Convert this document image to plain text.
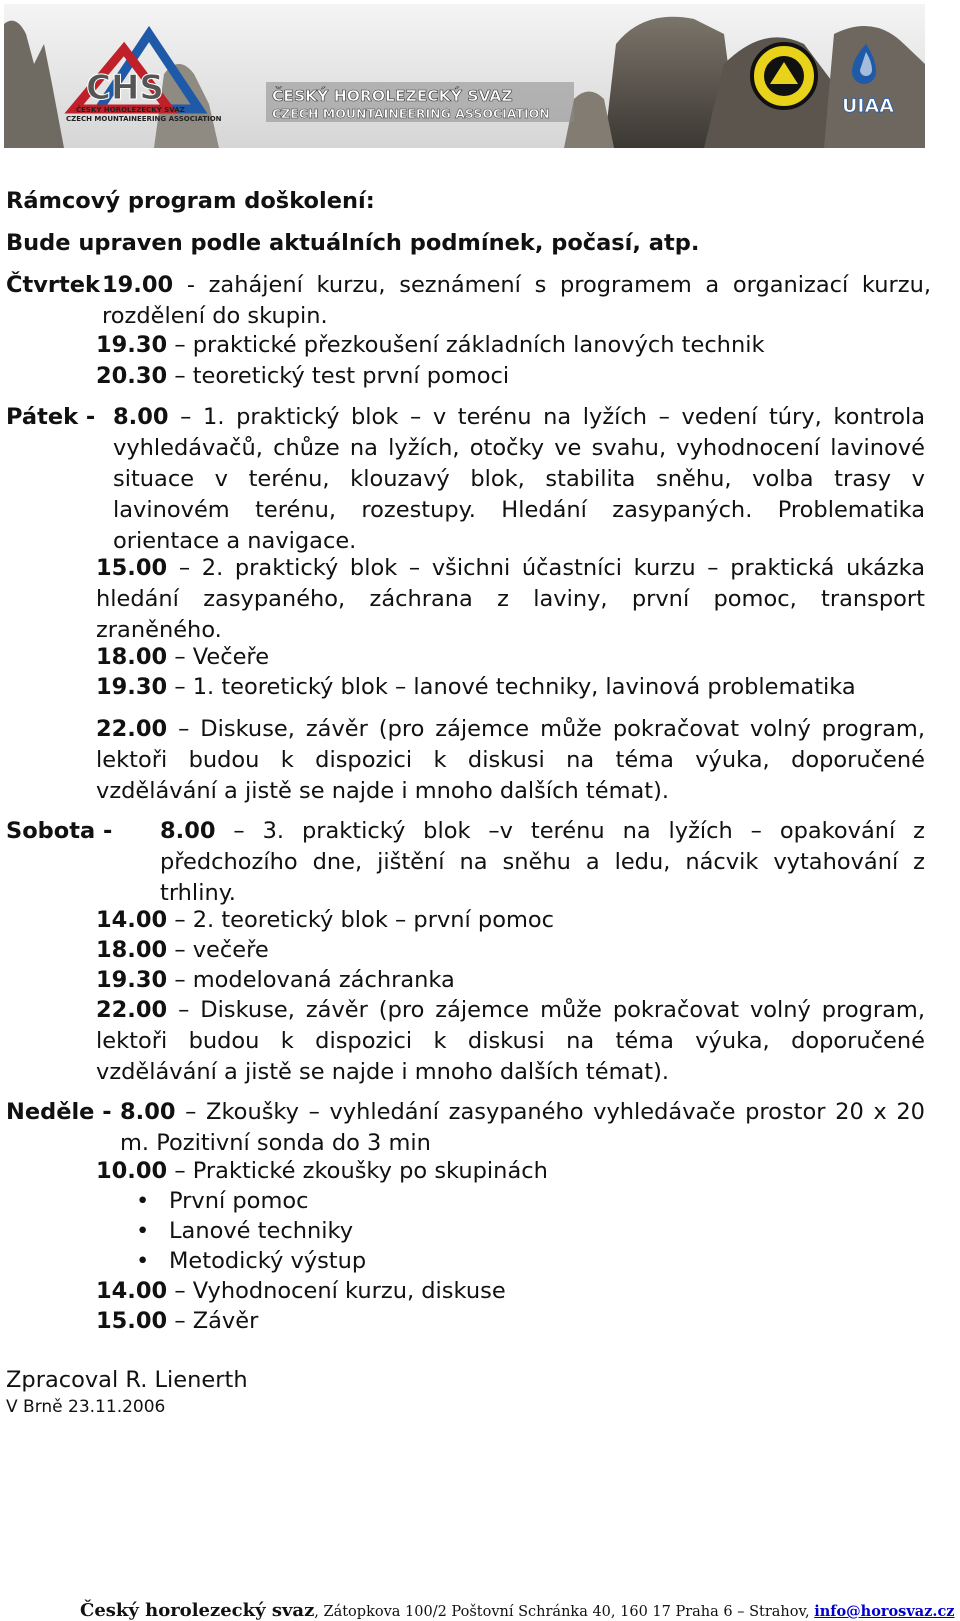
CHS
ČESKÝ HOROLEZECKÝ SVAZ
CZECH MOUNTAINEERING ASSOCIATION
ČESKÝ HOROLEZECKÝ SVAZ
CZECH MOUNTAINEERING ASSOCIATION	UIAA
Rámcový program doškolení:
Bude upraven podle aktuálních podmínek, počasí, atp.
Čtvrtek 19.00 - zahájení kurzu, seznámení s programem a organizací kurzu, rozdělení do skupin.
19.30 – praktické přezkoušení základních lanových technik
20.30 – teoretický test první pomoci
Pátek - 8.00 – 1. praktický blok – v terénu na lyžích – vedení túry, kontrola vyhledávačů, chůze na lyžích, otočky ve svahu, vyhodnocení lavinové situace v terénu, klouzavý blok, stabilita sněhu, volba trasy v lavinovém terénu, rozestupy. Hledání zasypaných. Problematika orientace a navigace.
15.00 – 2. praktický blok – všichni účastníci kurzu – praktická ukázka hledání zasypaného, záchrana z laviny, první pomoc, transport zraněného.
18.00 – Večeře
19.30 – 1. teoretický blok – lanové techniky, lavinová problematika
22.00 – Diskuse, závěr (pro zájemce může pokračovat volný program, lektoři budou k dispozici k diskusi na téma výuka, doporučené vzdělávání a jistě se najde i mnoho dalších témat).
Sobota - 8.00 – 3. praktický blok –v terénu na lyžích – opakování z předchozího dne, jištění na sněhu a ledu, nácvik vytahování z trhliny.
14.00 – 2. teoretický blok – první pomoc
18.00 – večeře
19.30 – modelovaná záchranka
22.00 – Diskuse, závěr (pro zájemce může pokračovat volný program, lektoři budou k dispozici k diskusi na téma výuka, doporučené vzdělávání a jistě se najde i mnoho dalších témat).
Neděle - 8.00 – Zkoušky – vyhledání zasypaného vyhledávače prostor 20 x 20 m. Pozitivní sonda do 3 min
10.00 – Praktické zkoušky po skupinách
• První pomoc
• Lanové techniky
• Metodický výstup
14.00 – Vyhodnocení kurzu, diskuse
15.00 – Závěr
Zpracoval R. Lienerth
V Brně 23.11.2006
Český horolezecký svaz, Zátopkova 100/2 Poštovní Schránka 40, 160 17 Praha 6 – Strahov, info@horosvaz.cz
